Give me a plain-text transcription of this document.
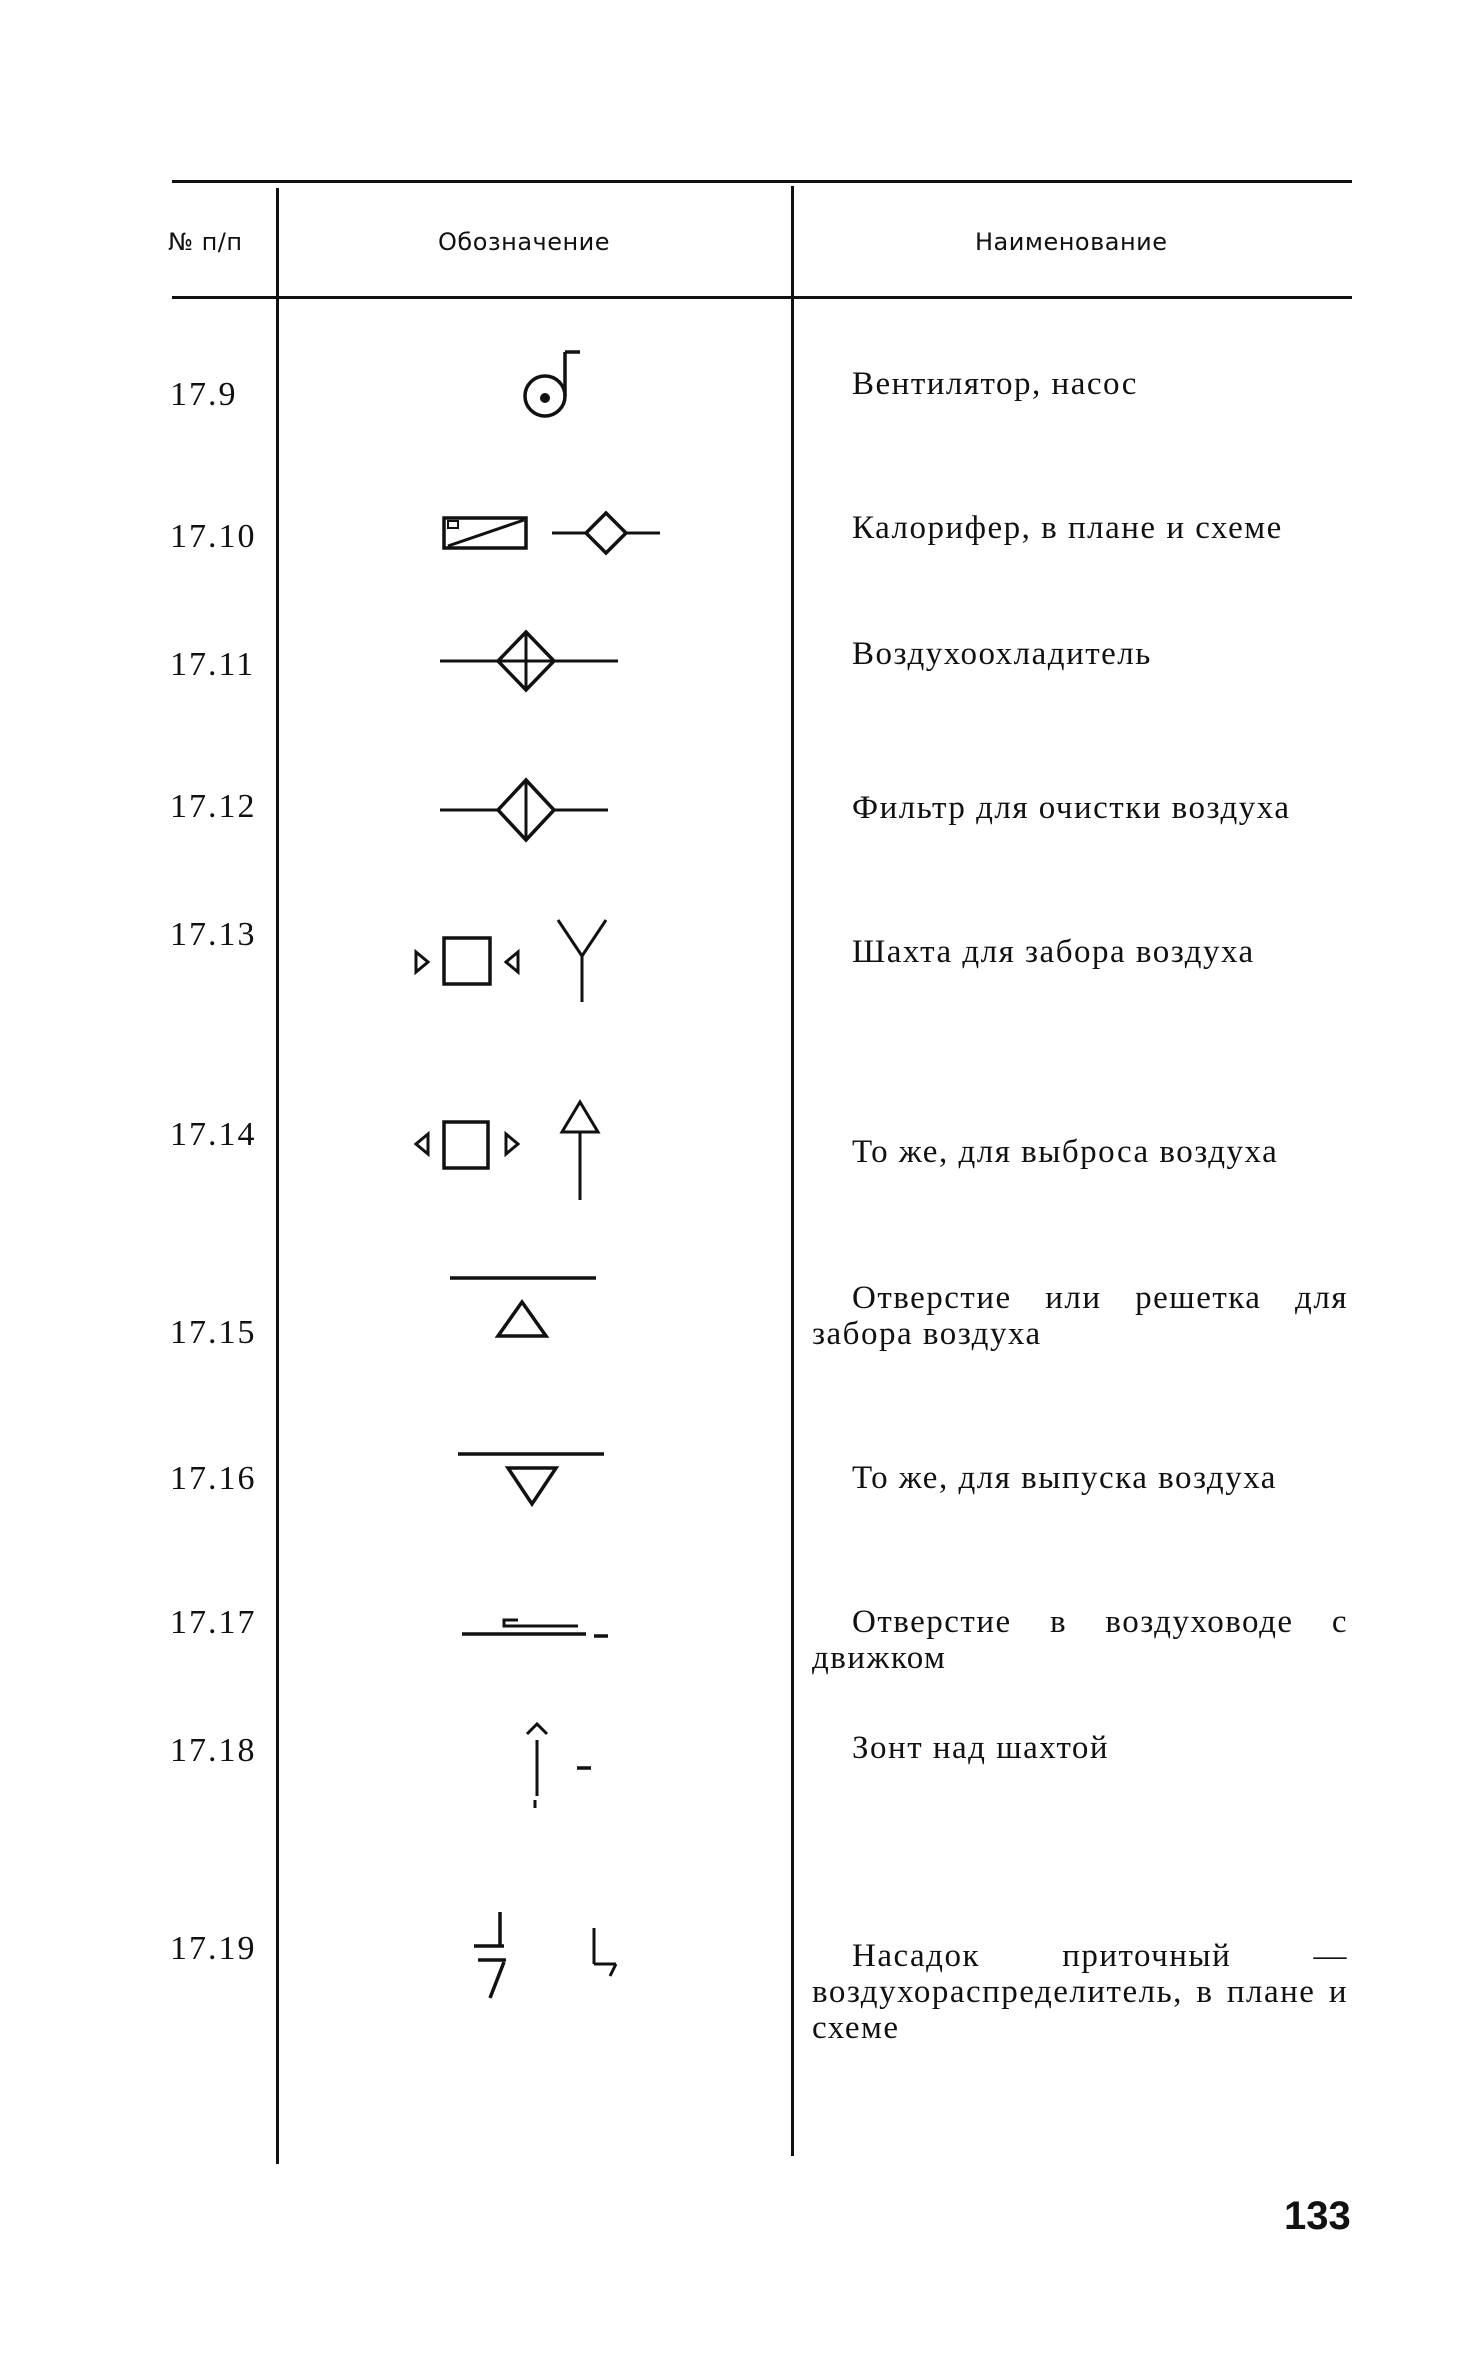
№ п/п	Обозначение	Наименование
17.9
17.10
17.11
17.12
17.13
17.14
17.15
17.16
17.17
17.18
17.19
Вентилятор, насос
Калорифер, в плане и схеме
Воздухоохладитель
Фильтр для очистки воздуха
Шахта для забора воздуха
То же, для выброса воздуха
Отверстие или решетка для забора воздуха
То же, для выпуска воздуха
Отверстие в воздуховоде с движком
Зонт над шахтой
Насадок приточный — воздухораспределитель, в плане и схеме
133
